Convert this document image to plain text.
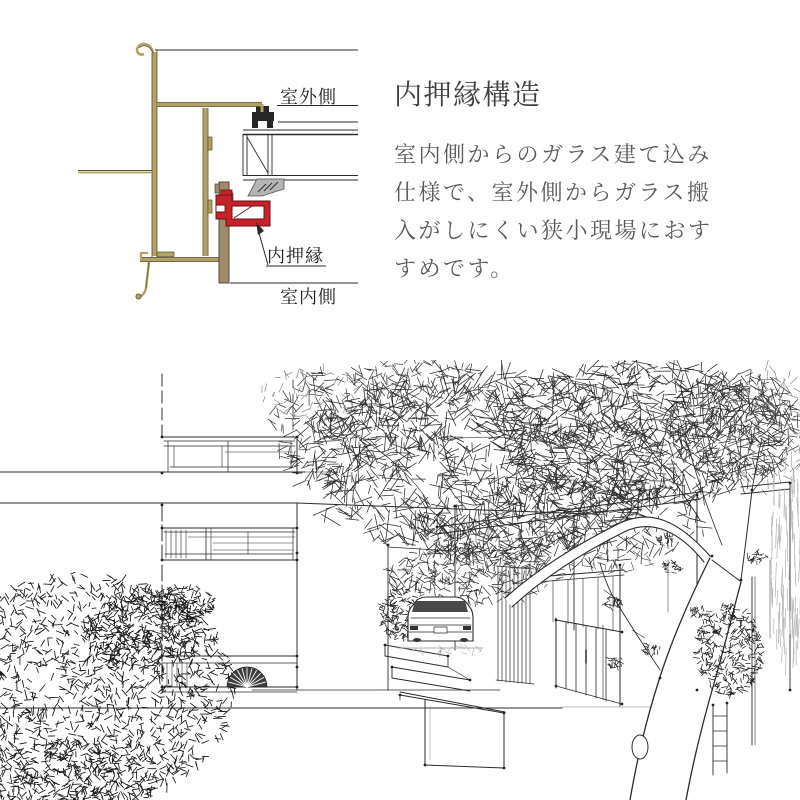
室外側
内押縁
室内側
内押縁構造
室内側からのガラス建て込み
仕様で、室外側からガラス搬
入がしにくい狭小現場におす
すめです。
